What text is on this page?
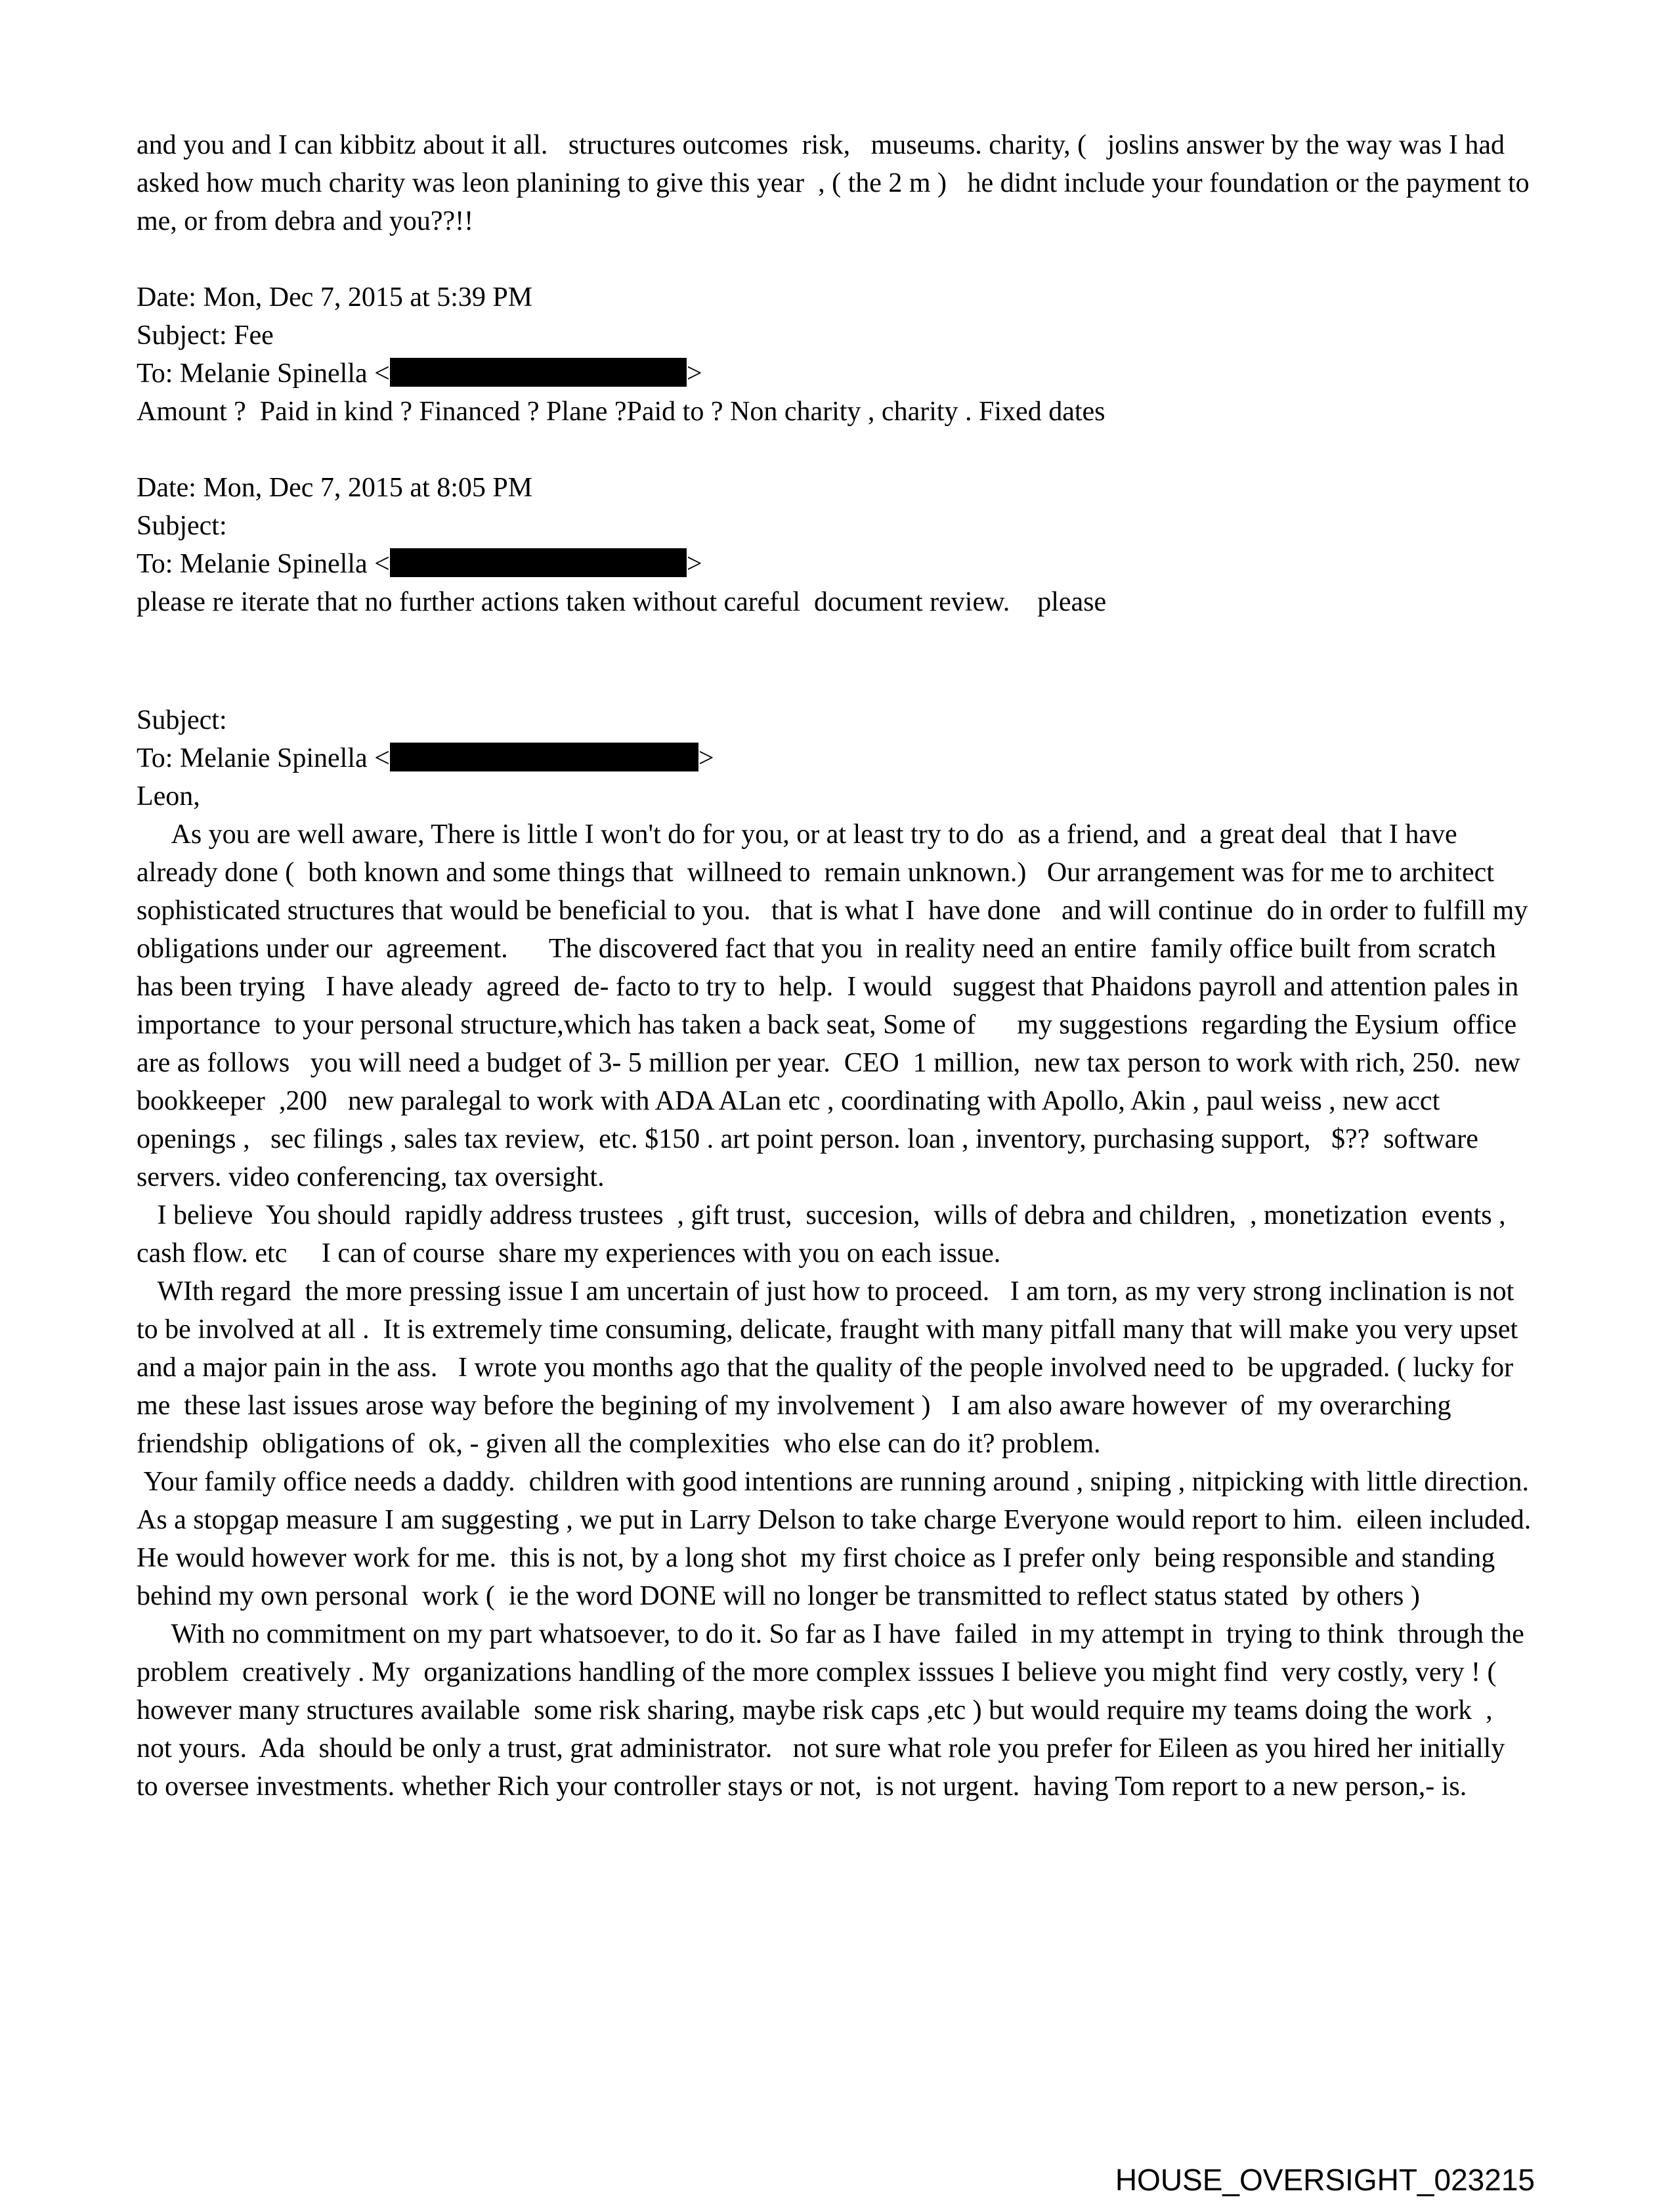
and you and I can kibbitz about it all.   structures outcomes  risk,   museums. charity, (   joslins answer by the way was I had asked how much charity was leon planining to give this year  , ( the 2 m )   he didnt include your foundation or the payment to me, or from debra and you??!!

Date: Mon, Dec 7, 2015 at 5:39 PM
Subject: Fee
To: Melanie Spinella <	>
Amount ?  Paid in kind ? Financed ? Plane ?Paid to ? Non charity , charity . Fixed dates
Date: Mon, Dec 7, 2015 at 8:05 PM
Subject:
To: Melanie Spinella <	>
please re iterate that no further actions taken without careful  document review.    please
Subject:
To: Melanie Spinella <	>
Leon,

As you are well aware, There is little I won't do for you, or at least try to do  as a friend, and  a great deal  that I have already done (  both known and some things that  willneed to  remain unknown.)   Our arrangement was for me to architect  sophisticated structures that would be beneficial to you.   that is what I  have done   and will continue  do in order to fulfill my obligations under our  agreement.      The discovered fact that you  in reality need an entire  family office built from scratch has been trying   I have aleady  agreed  de- facto to try to  help.  I would   suggest that Phaidons payroll and attention pales in importance  to your personal structure,which has taken a back seat, Some of      my suggestions  regarding the Eysium  office  are as follows   you will need a budget of 3- 5 million per year.  CEO  1 million,  new tax person to work with rich, 250.  new bookkeeper  ,200   new paralegal to work with ADA ALan etc , coordinating with Apollo, Akin , paul weiss , new acct openings ,   sec filings , sales tax review,  etc. $150 . art point person. loan , inventory, purchasing support,   $??  software servers. video conferencing, tax oversight.

I believe  You should  rapidly address trustees  , gift trust,  succesion,  wills of debra and children,  , monetization  events , cash flow. etc     I can of course  share my experiences with you on each issue.

WIth regard  the more pressing issue I am uncertain of just how to proceed.   I am torn, as my very strong inclination is not to be involved at all .  It is extremely time consuming, delicate, fraught with many pitfall many that will make you very upset and a major pain in the ass.   I wrote you months ago that the quality of the people involved need to  be upgraded. ( lucky for me  these last issues arose way before the begining of my involvement )   I am also aware however  of  my overarching friendship  obligations of  ok, - given all the complexities  who else can do it? problem.

Your family office needs a daddy.  children with good intentions are running around , sniping , nitpicking with little direction.  As a stopgap measure I am suggesting , we put in Larry Delson to take charge Everyone would report to him.  eileen included. He would however work for me.  this is not, by a long shot  my first choice as I prefer only  being responsible and standing behind my own personal  work (  ie the word DONE will no longer be transmitted to reflect status stated  by others )

With no commitment on my part whatsoever, to do it. So far as I have  failed  in my attempt in  trying to think  through the problem  creatively . My  organizations handling of the more complex isssues I believe you might find  very costly, very ! ( however many structures available  some risk sharing, maybe risk caps ,etc ) but would require my teams doing the work  , not yours.  Ada  should be only a trust, grat administrator.   not sure what role you prefer for Eileen as you hired her initially  to oversee investments. whether Rich your controller stays or not,  is not urgent.  having Tom report to a new person,- is.

HOUSE_OVERSIGHT_023215
